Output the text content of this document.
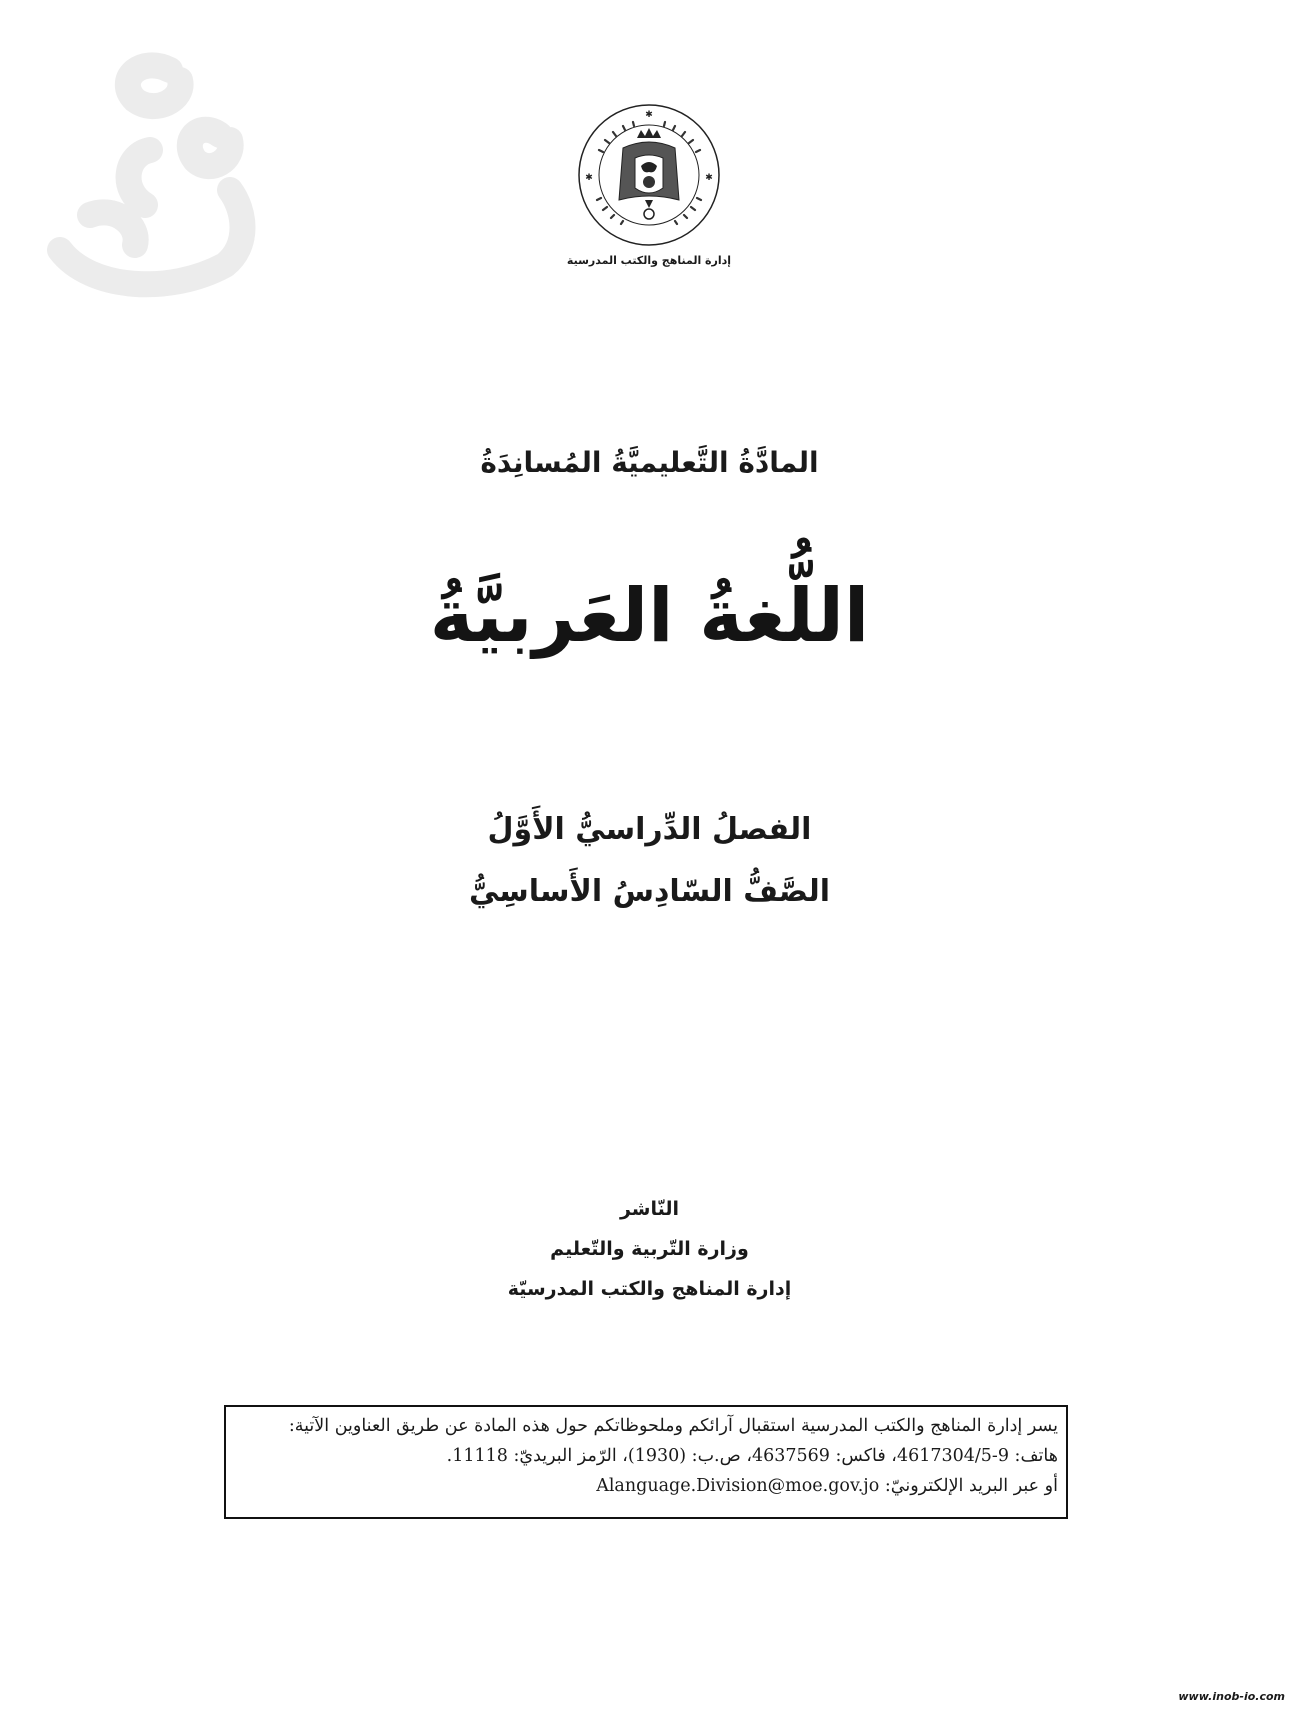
✱
✱	✱
إدارة المناهج والكتب المدرسية
المادَّةُ التَّعليميَّةُ المُسانِدَةُ
اللُّغةُ العَربيَّةُ
الفصلُ الدِّراسيُّ الأَوَّلُ
الصَّفُّ السّادِسُ الأَساسِيُّ
النّاشر
وزارة التّربية والتّعليم
إدارة المناهج والكتب المدرسيّة
يسر إدارة المناهج والكتب المدرسية استقبال آرائكم وملحوظاتكم حول هذه المادة عن طريق العناوين الآتية:
هاتف: 9-4617304/5، فاكس: 4637569، ص.ب: (1930)، الرّمز البريديّ: 11118.
أو عبر البريد الإلكترونيّ: Alanguage.Division@moe.gov.jo
www.inob-io.com
